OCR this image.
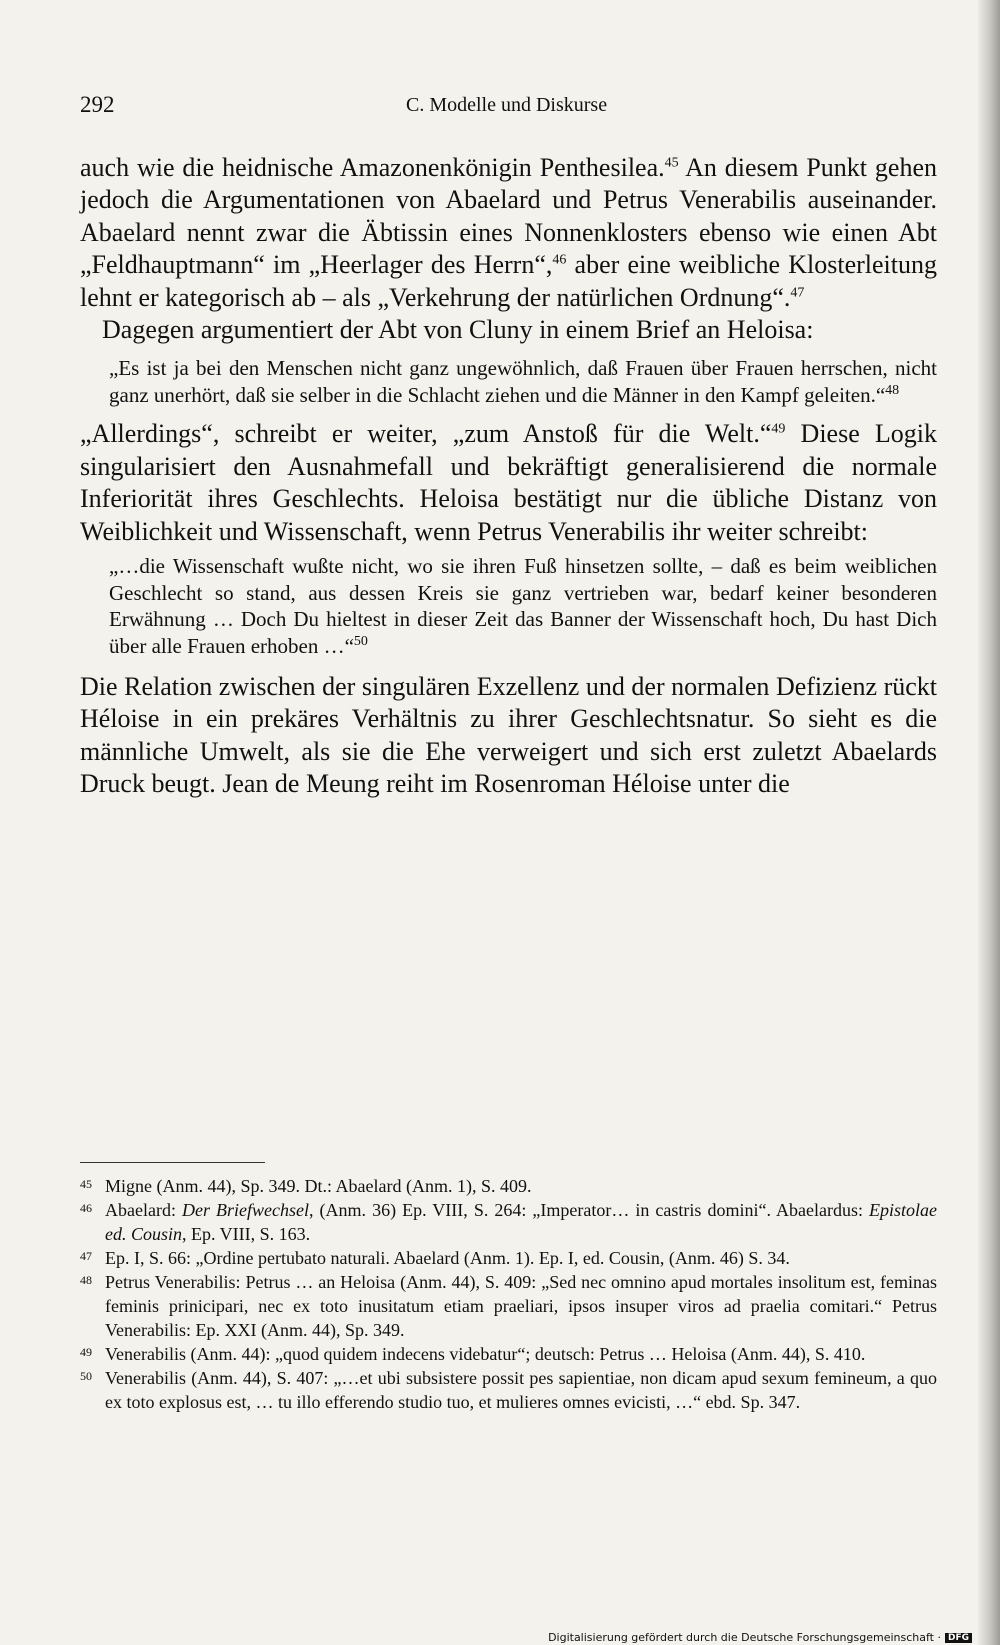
292	C. Modelle und Diskurse

auch wie die heidnische Amazonenkönigin Penthesilea.$^{45}$ An diesem Punkt gehen jedoch die Argumentationen von Abaelard und Petrus Venerabilis auseinander. Abaelard nennt zwar die Äbtissin eines Nonnenklosters ebenso wie einen Abt „Feldhauptmann“ im „Heerlager des Herrn“,$^{46}$ aber eine weibliche Klosterleitung lehnt er kategorisch ab – als „Verkehrung der natürlichen Ordnung“.$^{47}$

Dagegen argumentiert der Abt von Cluny in einem Brief an Heloisa:

„Es ist ja bei den Menschen nicht ganz ungewöhnlich, daß Frauen über Frauen herrschen, nicht ganz unerhört, daß sie selber in die Schlacht ziehen und die Männer in den Kampf geleiten.“$^{48}$

„Allerdings“, schreibt er weiter, „zum Anstoß für die Welt.“$^{49}$ Diese Logik singularisiert den Ausnahmefall und bekräftigt generalisierend die normale Inferiorität ihres Geschlechts. Heloisa bestätigt nur die übliche Distanz von Weiblichkeit und Wissenschaft, wenn Petrus Venerabilis ihr weiter schreibt:

„…die Wissenschaft wußte nicht, wo sie ihren Fuß hinsetzen sollte, – daß es beim weiblichen Geschlecht so stand, aus dessen Kreis sie ganz vertrieben war, bedarf keiner besonderen Erwähnung … Doch Du hieltest in dieser Zeit das Banner der Wissenschaft hoch, Du hast Dich über alle Frauen erhoben …“$^{50}$

Die Relation zwischen der singulären Exzellenz und der normalen Defizienz rückt Héloise in ein prekäres Verhältnis zu ihrer Geschlechtsnatur. So sieht es die männliche Umwelt, als sie die Ehe verweigert und sich erst zuletzt Abaelards Druck beugt. Jean de Meung reiht im Rosenroman Héloise unter die

45 Migne (Anm. 44), Sp. 349. Dt.: Abaelard (Anm. 1), S. 409.
46 Abaelard: Der Briefwechsel, (Anm. 36) Ep. VIII, S. 264: „Imperator… in castris domini“. Abaelardus: Epistolae ed. Cousin, Ep. VIII, S. 163.
47 Ep. I, S. 66: „Ordine pertubato naturali. Abaelard (Anm. 1). Ep. I, ed. Cousin, (Anm. 46) S. 34.
48 Petrus Venerabilis: Petrus … an Heloisa (Anm. 44), S. 409: „Sed nec omnino apud mortales insolitum est, feminas feminis prinicipari, nec ex toto inusitatum etiam praeliari, ipsos insuper viros ad praelia comitari.“ Petrus Venerabilis: Ep. XXI (Anm. 44), Sp. 349.
49 Venerabilis (Anm. 44): „quod quidem indecens videbatur“; deutsch: Petrus … Heloisa (Anm. 44), S. 410.
50 Venerabilis (Anm. 44), S. 407: „…et ubi subsistere possit pes sapientiae, non dicam apud sexum femineum, a quo ex toto explosus est, … tu illo efferendo studio tuo, et mulieres omnes evicisti, …“ ebd. Sp. 347.
Digitalisierung gefördert durch die Deutsche Forschungsgemeinschaft · DFG
